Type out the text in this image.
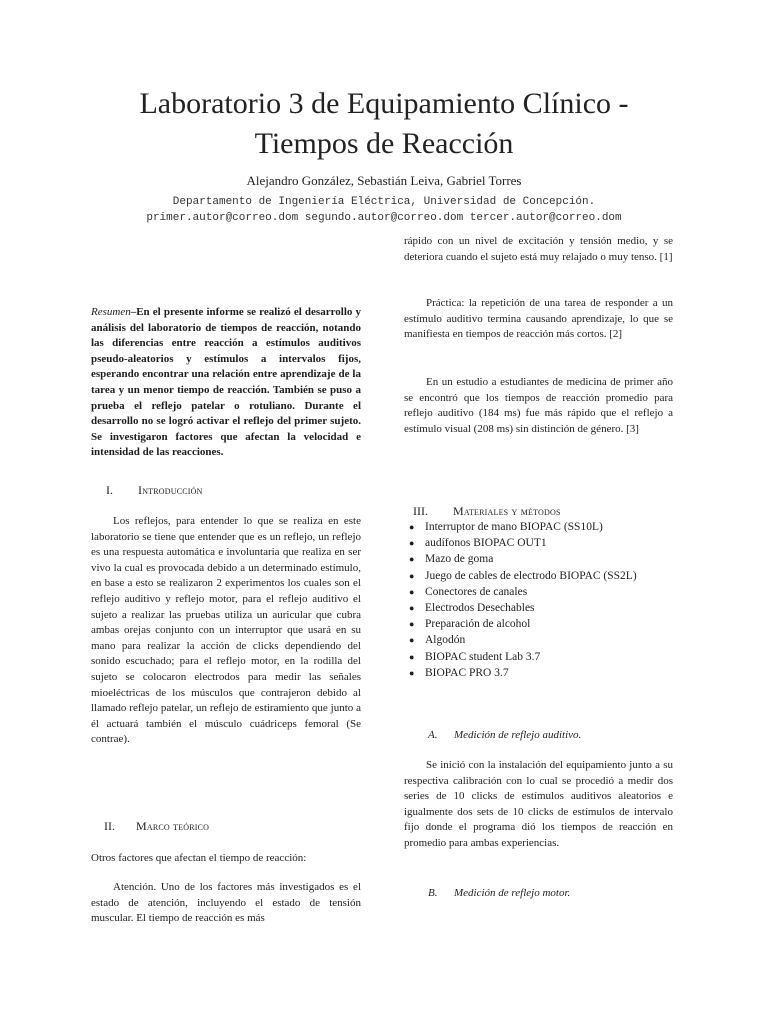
Laboratorio 3 de Equipamiento Clínico -
Tiempos de Reacción
Alejandro González, Sebastián Leiva, Gabriel Torres
Departamento de Ingeniería Eléctrica, Universidad de Concepción.
primer.autor@correo.dom segundo.autor@correo.dom tercer.autor@correo.dom

Resumen–En el presente informe se realizó el desarrollo y análisis del laboratorio de tiempos de reacción, notando las diferencias entre reacción a estímulos auditivos pseudo-aleatorios y estímulos a intervalos fijos, esperando encontrar una relación entre aprendizaje de la tarea y un menor tiempo de reacción. También se puso a prueba el reflejo patelar o rotuliano. Durante el desarrollo no se logró activar el reflejo del primer sujeto. Se investigaron factores que afectan la velocidad e intensidad de las reacciones.

I. Introducción

Los reflejos, para entender lo que se realiza en este laboratorio se tiene que entender que es un reflejo, un reflejo es una respuesta automática e involuntaria que realiza en ser vivo la cual es provocada debido a un determinado estímulo, en base a esto se realizaron 2 experimentos los cuales son el reflejo auditivo y reflejo motor, para el reflejo auditivo el sujeto a realizar las pruebas utiliza un auricular que cubra ambas orejas conjunto con un interruptor que usará en su mano para realizar la acción de clicks dependiendo del sonido escuchado; para el reflejo motor, en la rodilla del sujeto se colocaron electrodos para medir las señales mioeléctricas de los músculos que contrajeron debido al llamado reflejo patelar, un reflejo de estiramiento que junto a él actuará también el músculo cuádriceps femoral (Se contrae).

II. Marco teórico

Otros factores que afectan el tiempo de reacción:

Atención. Uno de los factores más investigados es el estado de atención, incluyendo el estado de tensión muscular. El tiempo de reacción es más

rápido con un nivel de excitación y tensión medio, y se deteriora cuando el sujeto está muy relajado o muy tenso. [1]

Práctica: la repetición de una tarea de responder a un estímulo auditivo termina causando aprendizaje, lo que se manifiesta en tiempos de reacción más cortos. [2]

En un estudio a estudiantes de medicina de primer año se encontró que los tiempos de reacción promedio para reflejo auditivo (184 ms) fue más rápido que el reflejo a estímulo visual (208 ms) sin distinción de género. [3]

III. Materiales y métodos
● Interruptor de mano BIOPAC (SS10L)
● audífonos BIOPAC OUT1
● Mazo de goma
● Juego de cables de electrodo BIOPAC (SS2L)
● Conectores de canales
● Electrodos Desechables
● Preparación de alcohol
● Algodón
● BIOPAC student Lab 3.7
● BIOPAC PRO 3.7
A. Medición de reflejo auditivo.

Se inició con la instalación del equipamiento junto a su respectiva calibración con lo cual se procedió a medir dos series de 10 clicks de estímulos auditivos aleatorios e igualmente dos sets de 10 clicks de estímulos de intervalo fijo donde el programa dió los tiempos de reacción en promedio para ambas experiencias.

B. Medición de reflejo motor.
